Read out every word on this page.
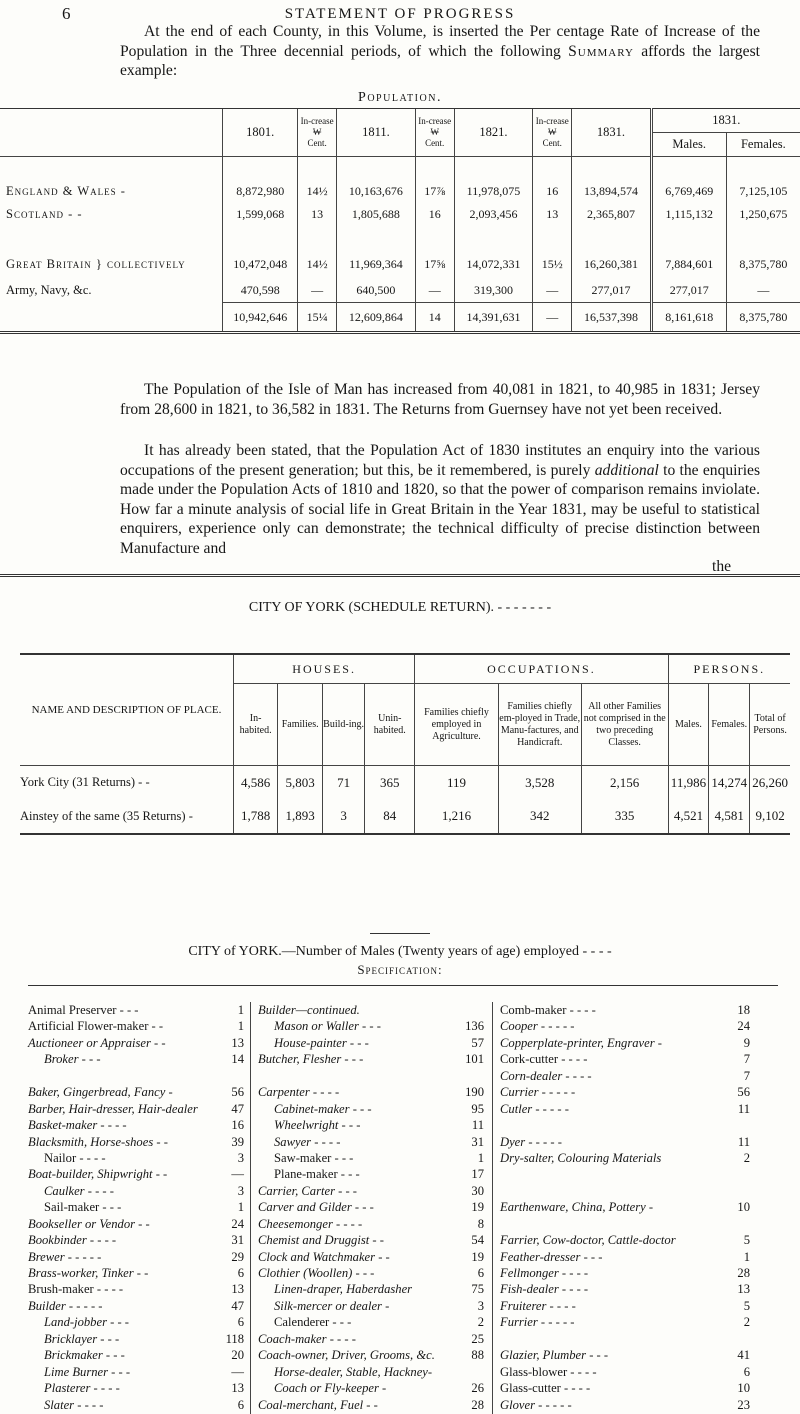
6	STATEMENT OF PROGRESS
At the end of each County, in this Volume, is inserted the Per centage Rate of Increase of the Population in the Three decennial periods, of which the following Summary affords the largest example:
Population.
	1801.	In-crease
₩
Cent.	1811.	In-crease
₩
Cent.	1821.	In-crease
₩
Cent.	1831.	1831.	
								Males.	Females.

England & Wales -	8,872,980	14½	10,163,676	17⅞	11,978,075	16	13,894,574	6,769,469	7,125,105
Scotland - -	1,599,068	13	1,805,688	16	2,093,456	13	2,365,807	1,115,132	1,250,675

Great Britain } collectively	10,472,048	14½	11,969,364	17⅝	14,072,331	15½	16,260,381	7,884,601	8,375,780
Army, Navy, &c.	470,598	—	640,500	—	319,300	—	277,017	277,017	—
	10,942,646	15¼	12,609,864	14	14,391,631	—	16,537,398	8,161,618	8,375,780
The Population of the Isle of Man has increased from 40,081 in 1821, to 40,985 in 1831; Jersey from 28,600 in 1821, to 36,582 in 1831. The Returns from Guernsey have not yet been received.
It has already been stated, that the Population Act of 1830 institutes an enquiry into the various occupations of the present generation; but this, be it remembered, is purely additional to the enquiries made under the Population Acts of 1810 and 1820, so that the power of comparison remains inviolate. How far a minute analysis of social life in Great Britain in the Year 1831, may be useful to statistical enquirers, experience only can demonstrate; the technical difficulty of precise distinction between Manufacture and
the
CITY OF YORK (SCHEDULE RETURN). - - - - - - -
NAME AND DESCRIPTION OF PLACE.	HOUSES.				OCCUPATIONS.			PERSONS.		
	In-habited.	Families.	Build-ing.	Unin-habited.	Families chiefly employed in Agriculture.	Families chiefly em-ployed in Trade, Manu-factures, and Handicraft.	All other Families not comprised in the two preceding Classes.	Males.	Females.	Total of Persons.
York City (31 Returns) - -	4,586	5,803	71	365	119	3,528	2,156	11,986	14,274	26,260
Ainstey of the same (35 Returns) -	1,788	1,893	3	84	1,216	342	335	4,521	4,581	9,102
CITY of YORK.—Number of Males (Twenty years of age) employed - - - -
Specification:
Animal Preserver - - -	1
Artificial Flower-maker - -	1
Auctioneer or Appraiser - -	13
Broker - - -	14
Baker, Gingerbread, Fancy -	56
Barber, Hair-dresser, Hair-dealer	47
Basket-maker - - - -	16
Blacksmith, Horse-shoes - -	39
Nailor - - - -	3
Boat-builder, Shipwright - -	—
Caulker - - - -	3
Sail-maker - - -	1
Bookseller or Vendor - -	24
Bookbinder - - - -	31
Brewer - - - - -	29
Brass-worker, Tinker - -	6
Brush-maker - - - -	13
Builder - - - - -	47
Land-jobber - - -	6
Bricklayer - - -	118
Brickmaker - - -	20
Lime Burner - - -	—
Plasterer - - - -	13
Slater - - - -	6
Builder—continued.
Mason or Waller - - -	136
House-painter - - -	57
Butcher, Flesher - - -	101
Carpenter - - - -	190
Cabinet-maker - - -	95
Wheelwright - - -	11
Sawyer - - - -	31
Saw-maker - - -	1
Plane-maker - - -	17
Carrier, Carter - - -	30
Carver and Gilder - - -	19
Cheesemonger - - - -	8
Chemist and Druggist - -	54
Clock and Watchmaker - -	19
Clothier (Woollen) - - -	6
Linen-draper, Haberdasher	75
Silk-mercer or dealer -	3
Calenderer - - -	2
Coach-maker - - - -	25
Coach-owner, Driver, Grooms, &c.	88
Horse-dealer, Stable, Hackney-
Coach or Fly-keeper -	26
Coal-merchant, Fuel - -	28
Comb-maker - - - -	18
Cooper - - - - -	24
Copperplate-printer, Engraver -	9
Cork-cutter - - - -	7
Corn-dealer - - - -	7
Currier - - - - -	56
Cutler - - - - -	11
Dyer - - - - -	11
Dry-salter, Colouring Materials	2
Earthenware, China, Pottery -	10
Farrier, Cow-doctor, Cattle-doctor	5
Feather-dresser - - -	1
Fellmonger - - - -	28
Fish-dealer - - - -	13
Fruiterer - - - -	5
Furrier - - - - -	2
Glazier, Plumber - - -	41
Glass-blower - - - -	6
Glass-cutter - - - -	10
Glover - - - - -	23
